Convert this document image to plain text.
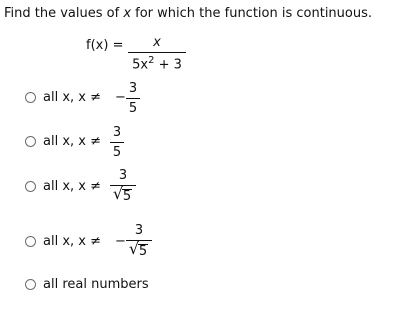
Find the values of x for which the function is continuous.
f(x) =	x
$5x^2 + 3$
all x, x ≠ −
3
5
all x, x ≠
3
5
all x, x ≠
3
√ 5
all x, x ≠ −
3
√ 5
all real numbers
